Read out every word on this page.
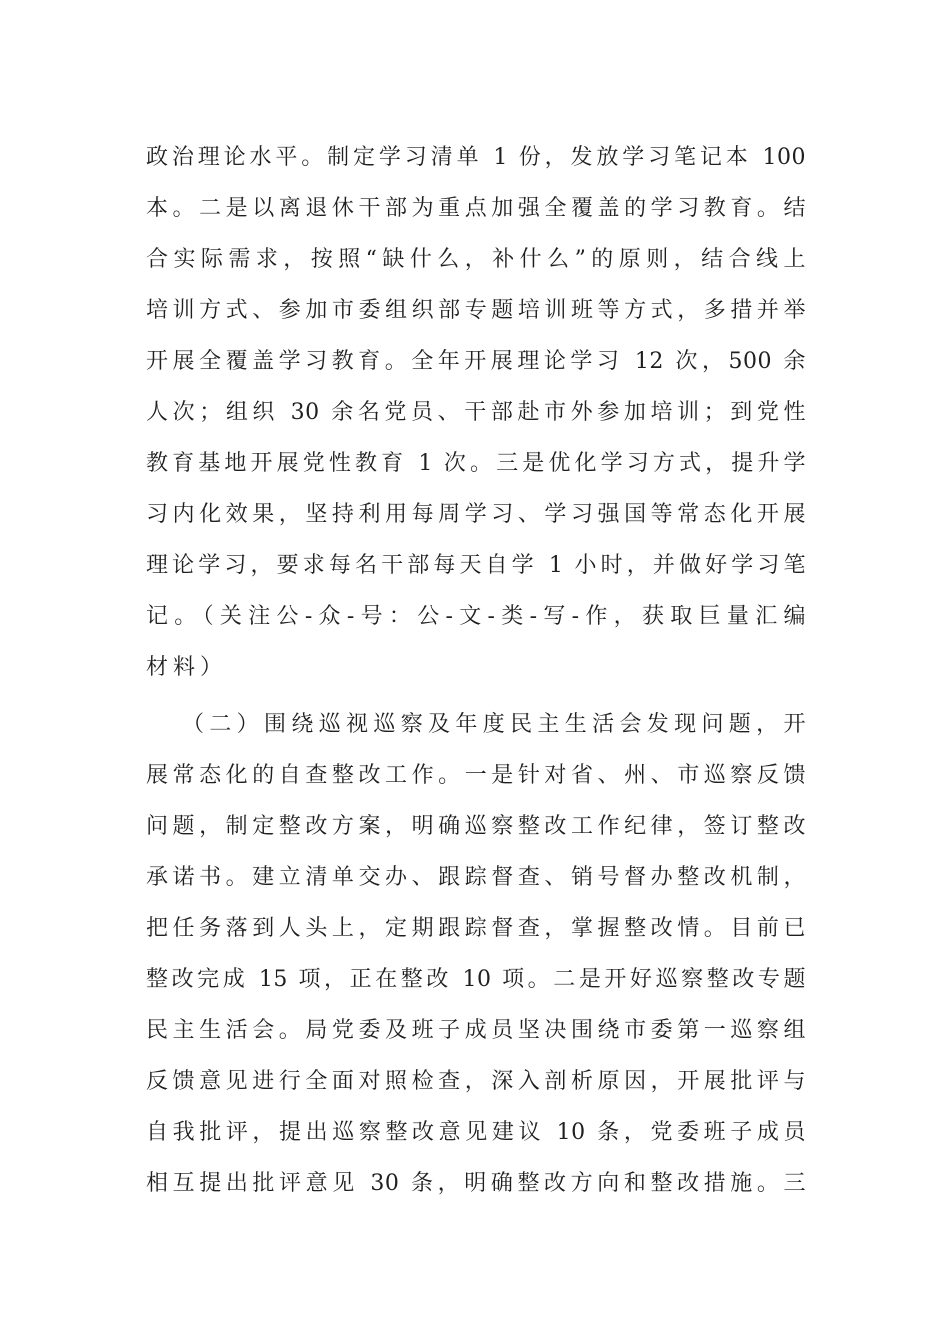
政治理论水平。制定学习清单 1 份，发放学习笔记本 100
本。二是以离退休干部为重点加强全覆盖的学习教育。结
合实际需求，按照“缺什么，补什么”的原则，结合线上
培训方式、参加市委组织部专题培训班等方式，多措并举
开展全覆盖学习教育。全年开展理论学习 12 次，500 余
人次；组织 30 余名党员、干部赴市外参加培训；到党性
教育基地开展党性教育 1 次。三是优化学习方式，提升学
习内化效果，坚持利用每周学习、学习强国等常态化开展
理论学习，要求每名干部每天自学 1 小时，并做好学习笔
记。（关注公-众-号：公-文-类-写-作，获取巨量汇编
材料）
（二）围绕巡视巡察及年度民主生活会发现问题，开
展常态化的自查整改工作。一是针对省、州、市巡察反馈
问题，制定整改方案，明确巡察整改工作纪律，签订整改
承诺书。建立清单交办、跟踪督查、销号督办整改机制，
把任务落到人头上，定期跟踪督查，掌握整改情。目前已
整改完成 15 项，正在整改 10 项。二是开好巡察整改专题
民主生活会。局党委及班子成员坚决围绕市委第一巡察组
反馈意见进行全面对照检查，深入剖析原因，开展批评与
自我批评，提出巡察整改意见建议 10 条，党委班子成员
相互提出批评意见 30 条，明确整改方向和整改措施。三
